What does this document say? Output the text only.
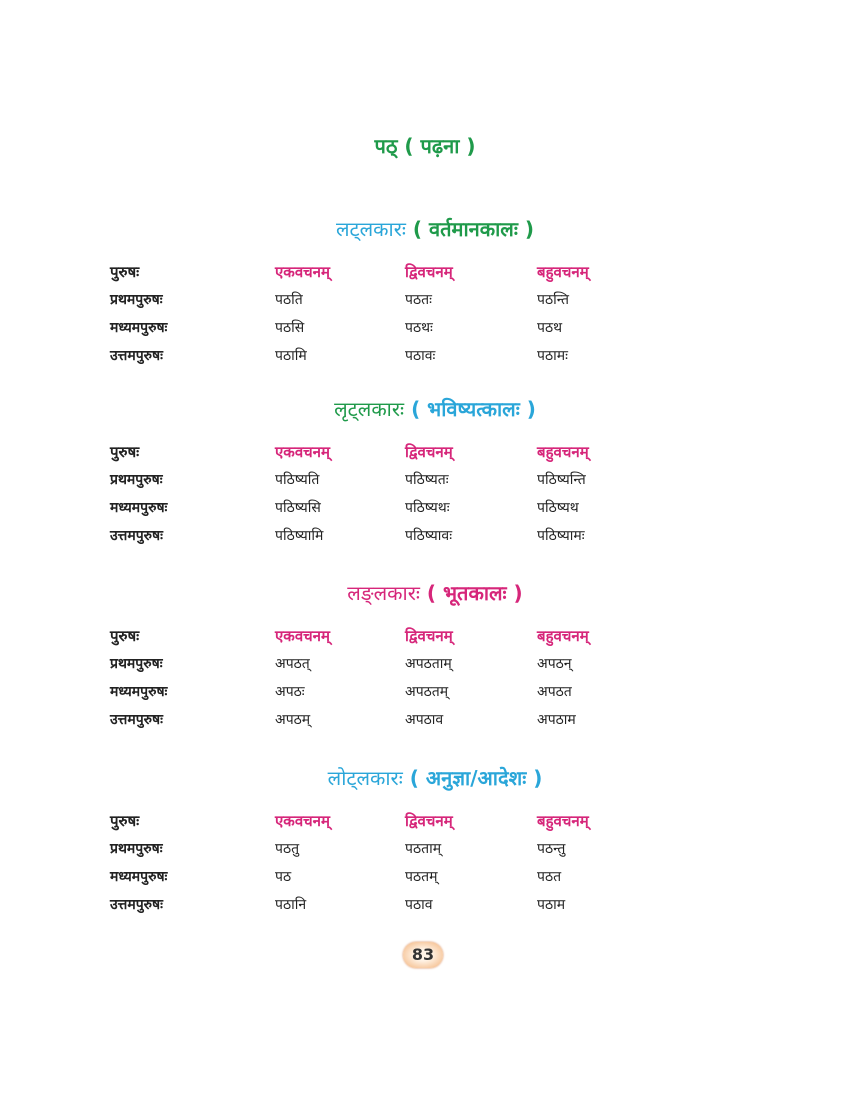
पठ् ( पढ़ना )
लट्लकारः ( वर्तमानकालः )
पुरुषः	एकवचनम्	द्विवचनम्	बहुवचनम्
प्रथमपुरुषः	पठति	पठतः	पठन्ति
मध्यमपुरुषः	पठसि	पठथः	पठथ
उत्तमपुरुषः	पठामि	पठावः	पठामः
लृट्लकारः ( भविष्यत्कालः )
पुरुषः	एकवचनम्	द्विवचनम्	बहुवचनम्
प्रथमपुरुषः	पठिष्यति	पठिष्यतः	पठिष्यन्ति
मध्यमपुरुषः	पठिष्यसि	पठिष्यथः	पठिष्यथ
उत्तमपुरुषः	पठिष्यामि	पठिष्यावः	पठिष्यामः
लङ्लकारः ( भूतकालः )
पुरुषः	एकवचनम्	द्विवचनम्	बहुवचनम्
प्रथमपुरुषः	अपठत्	अपठताम्	अपठन्
मध्यमपुरुषः	अपठः	अपठतम्	अपठत
उत्तमपुरुषः	अपठम्	अपठाव	अपठाम
लोट्लकारः ( अनुज्ञा/आदेशः )
पुरुषः	एकवचनम्	द्विवचनम्	बहुवचनम्
प्रथमपुरुषः	पठतु	पठताम्	पठन्तु
मध्यमपुरुषः	पठ	पठतम्	पठत
उत्तमपुरुषः	पठानि	पठाव	पठाम
83
